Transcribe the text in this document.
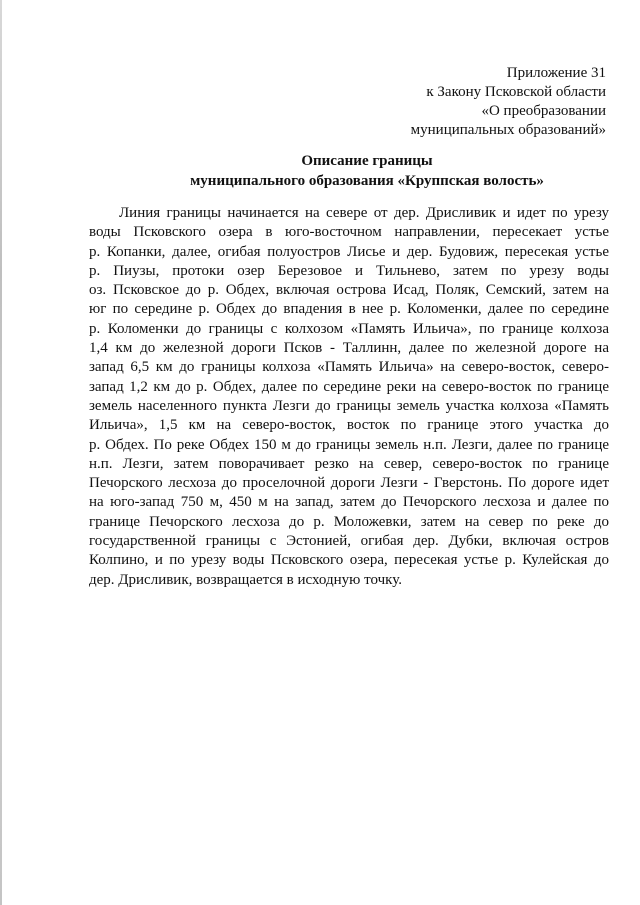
Приложение 31
к Закону Псковской области
«О преобразовании
муниципальных образований»
Описание границы
муниципального образования «Круппская волость»
Линия границы начинается на севере от дер. Дрисливик и идет по урезу
воды Псковского озера в юго-восточном направлении, пересекает устье
р. Копанки, далее, огибая полуостров Лисье и дер. Будовиж, пересекая устье
р. Пиузы, протоки озер Березовое и Тильнево, затем по урезу воды
оз. Псковское до р. Обдех, включая острова Исад, Поляк, Семский, затем на
юг по середине р. Обдех до впадения в нее р. Коломенки, далее по середине
р. Коломенки до границы с колхозом «Память Ильича», по границе колхоза
1,4 км до железной дороги Псков - Таллинн, далее по железной дороге на
запад 6,5 км до границы колхоза «Память Ильича» на северо-восток, северо-
запад 1,2 км до р. Обдех, далее по середине реки на северо-восток по границе
земель населенного пункта Лезги до границы земель участка колхоза «Память
Ильича», 1,5 км на северо-восток, восток по границе этого участка до
р. Обдех. По реке Обдех 150 м до границы земель н.п. Лезги, далее по границе
н.п. Лезги, затем поворачивает резко на север, северо-восток по границе
Печорского лесхоза до проселочной дороги Лезги - Гверстонь. По дороге идет
на юго-запад 750 м, 450 м на запад, затем до Печорского лесхоза и далее по
границе Печорского лесхоза до р. Моложевки, затем на север по реке до
государственной границы с Эстонией, огибая дер. Дубки, включая остров
Колпино, и по урезу воды Псковского озера, пересекая устье р. Кулейская до
дер. Дрисливик, возвращается в исходную точку.
